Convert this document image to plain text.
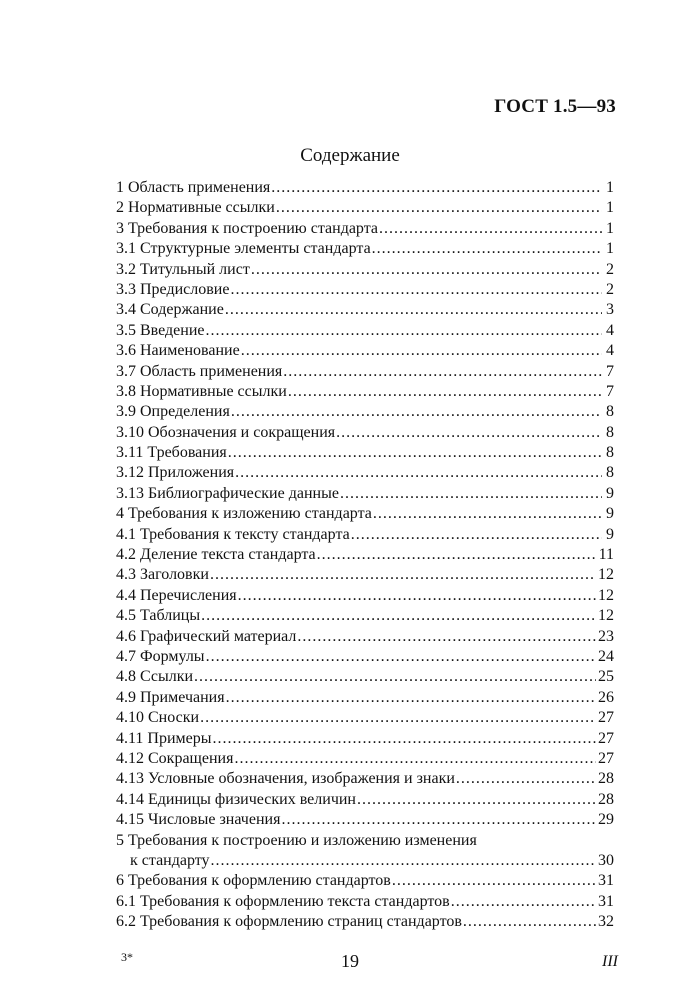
ГОСТ 1.5—93
Содержание
1 Область применения .....	1
2 Нормативные ссылки .....	1
3 Требования к построению стандарта .....	1
3.1 Структурные элементы стандарта .....	1
3.2 Титульный лист .....	2
3.3 Предисловие .....	2
3.4 Содержание .....	3
3.5 Введение .....	4
3.6 Наименование .....	4
3.7 Область применения .....	7
3.8 Нормативные ссылки .....	7
3.9 Определения .....	8
3.10 Обозначения и сокращения .....	8
3.11 Требования .....	8
3.12 Приложения .....	8
3.13 Библиографические данные .....	9
4 Требования к изложению стандарта .....	9
4.1 Требования к тексту стандарта .....	9
4.2 Деление текста стандарта .....	11
4.3 Заголовки .....	12
4.4 Перечисления .....	12
4.5 Таблицы .....	12
4.6 Графический материал .....	23
4.7 Формулы .....	24
4.8 Ссылки .....	25
4.9 Примечания .....	26
4.10 Сноски .....	27
4.11 Примеры .....	27
4.12 Сокращения .....	27
4.13 Условные обозначения, изображения и знаки .....	28
4.14 Единицы физических величин .....	28
4.15 Числовые значения .....	29
5 Требования к построению и изложению изменения
к стандарту .....	30
6 Требования к оформлению стандартов .....	31
6.1 Требования к оформлению текста стандартов .....	31
6.2 Требования к оформлению страниц стандартов .....	32
3*	19	III
